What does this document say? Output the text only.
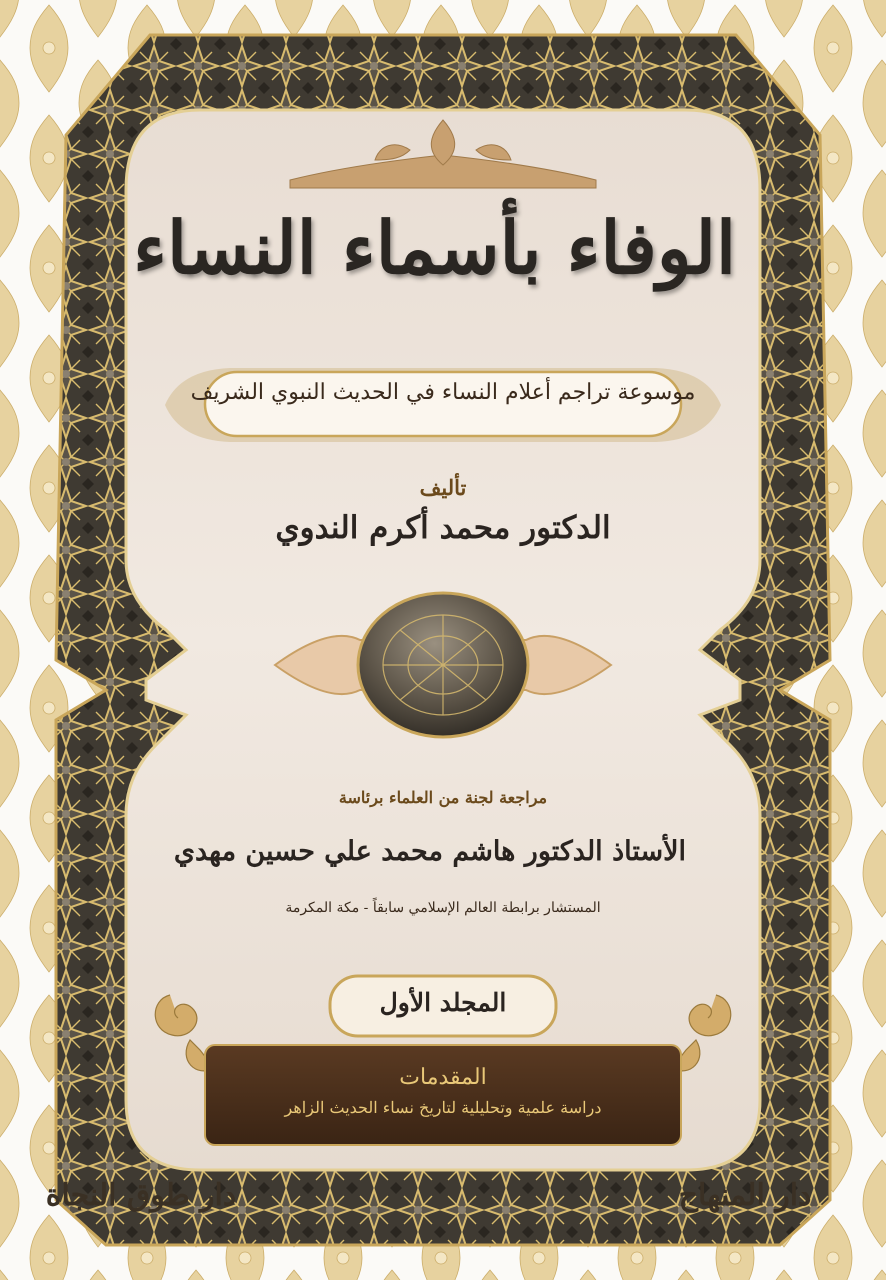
الوفاء بأسماء النساء
موسوعة تراجم أعلام النساء في الحديث النبوي الشريف
تأليف
الدكتور محمد أكرم الندوي
مراجعة لجنة من العلماء برئاسة
الأستاذ الدكتور هاشم محمد علي حسين مهدي
المستشار برابطة العالم الإسلامي سابقاً - مكة المكرمة
المجلد الأول
المقدمات
دراسة علمية وتحليلية لتاريخ نساء الحديث الزاهر
دار المنهاج
دار طوق النجاة
